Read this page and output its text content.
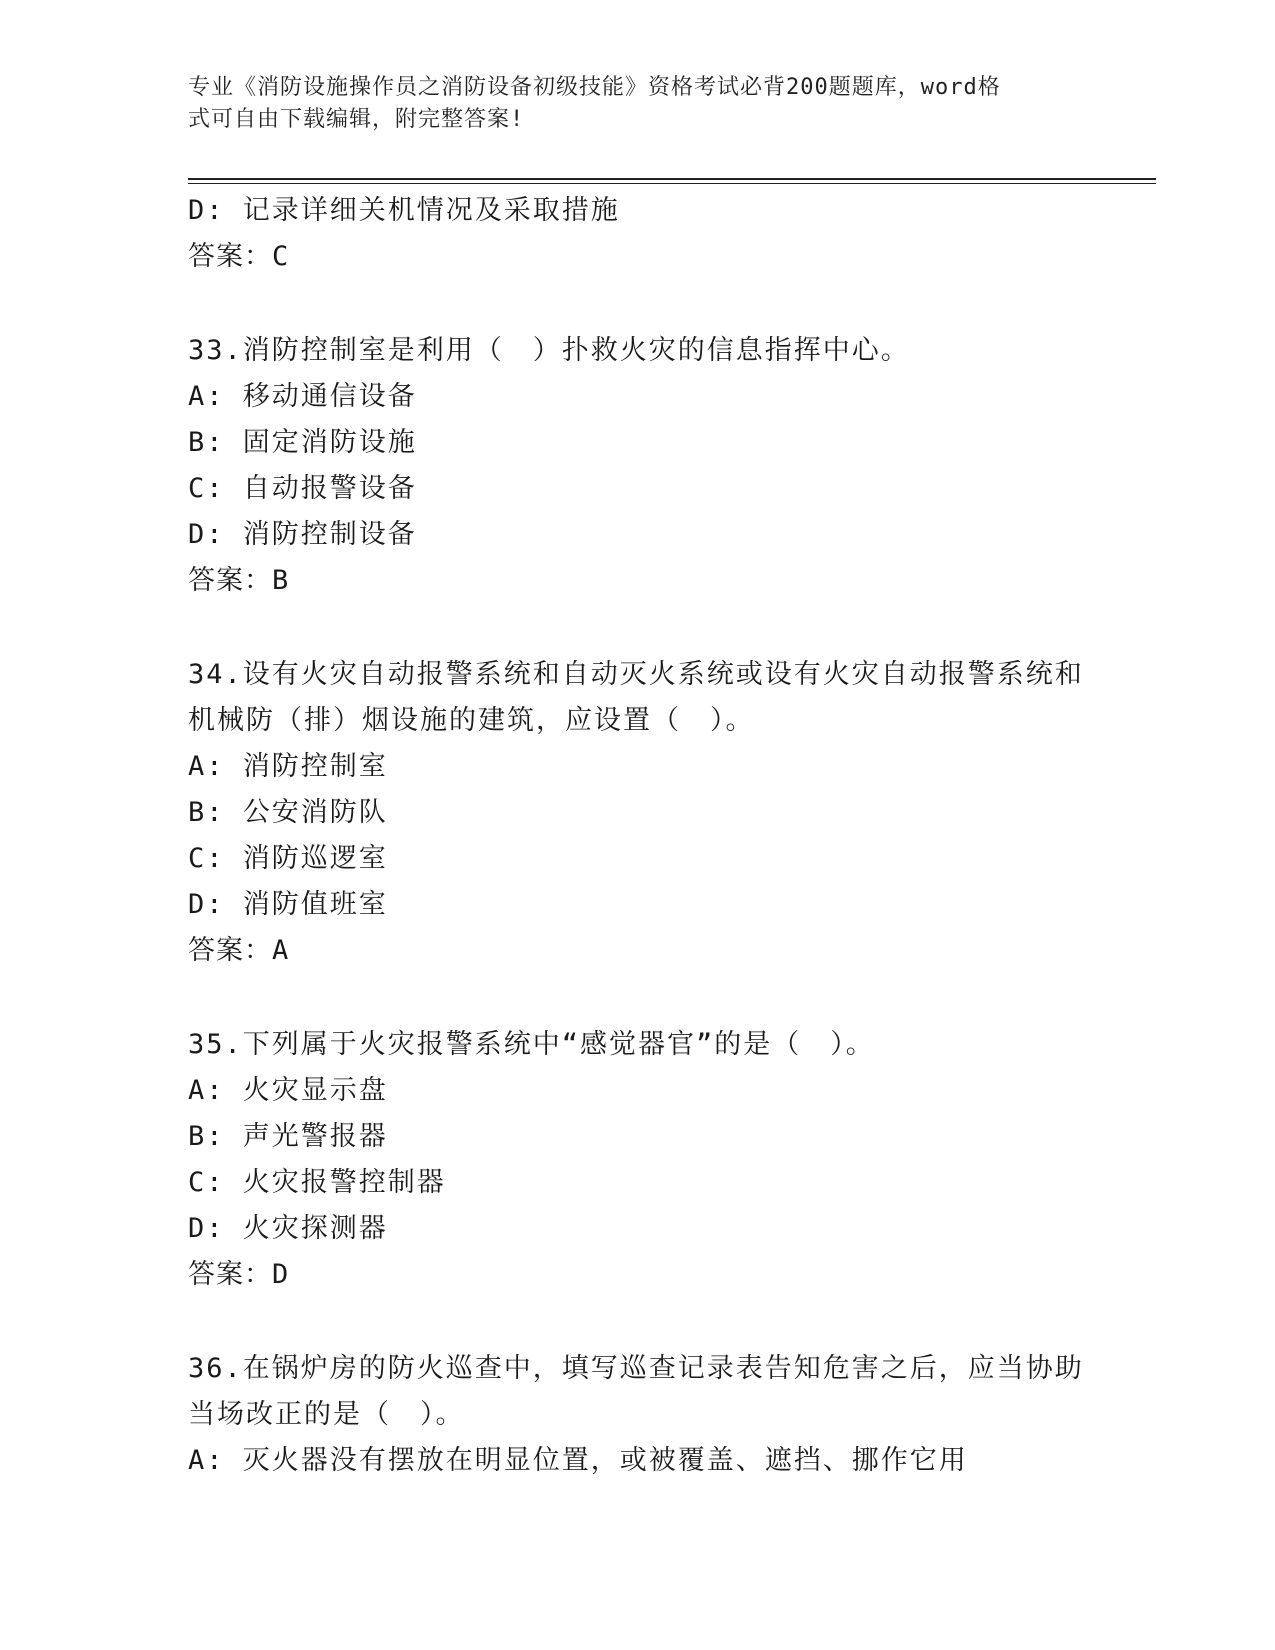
专业《消防设施操作员之消防设备初级技能》资格考试必背200题题库，word格
式可自由下载编辑，附完整答案!
D: 记录详细关机情况及采取措施
答案：C
33.消防控制室是利用（　）扑救火灾的信息指挥中心。
A: 移动通信设备
B: 固定消防设施
C: 自动报警设备
D: 消防控制设备
答案：B
34.设有火灾自动报警系统和自动灭火系统或设有火灾自动报警系统和
机械防（排）烟设施的建筑，应设置（　）。
A: 消防控制室
B: 公安消防队
C: 消防巡逻室
D: 消防值班室
答案：A
35.下列属于火灾报警系统中“感觉器官”的是（　）。
A: 火灾显示盘
B: 声光警报器
C: 火灾报警控制器
D: 火灾探测器
答案：D
36.在锅炉房的防火巡查中，填写巡查记录表告知危害之后，应当协助
当场改正的是（　）。
A: 灭火器没有摆放在明显位置，或被覆盖、遮挡、挪作它用
